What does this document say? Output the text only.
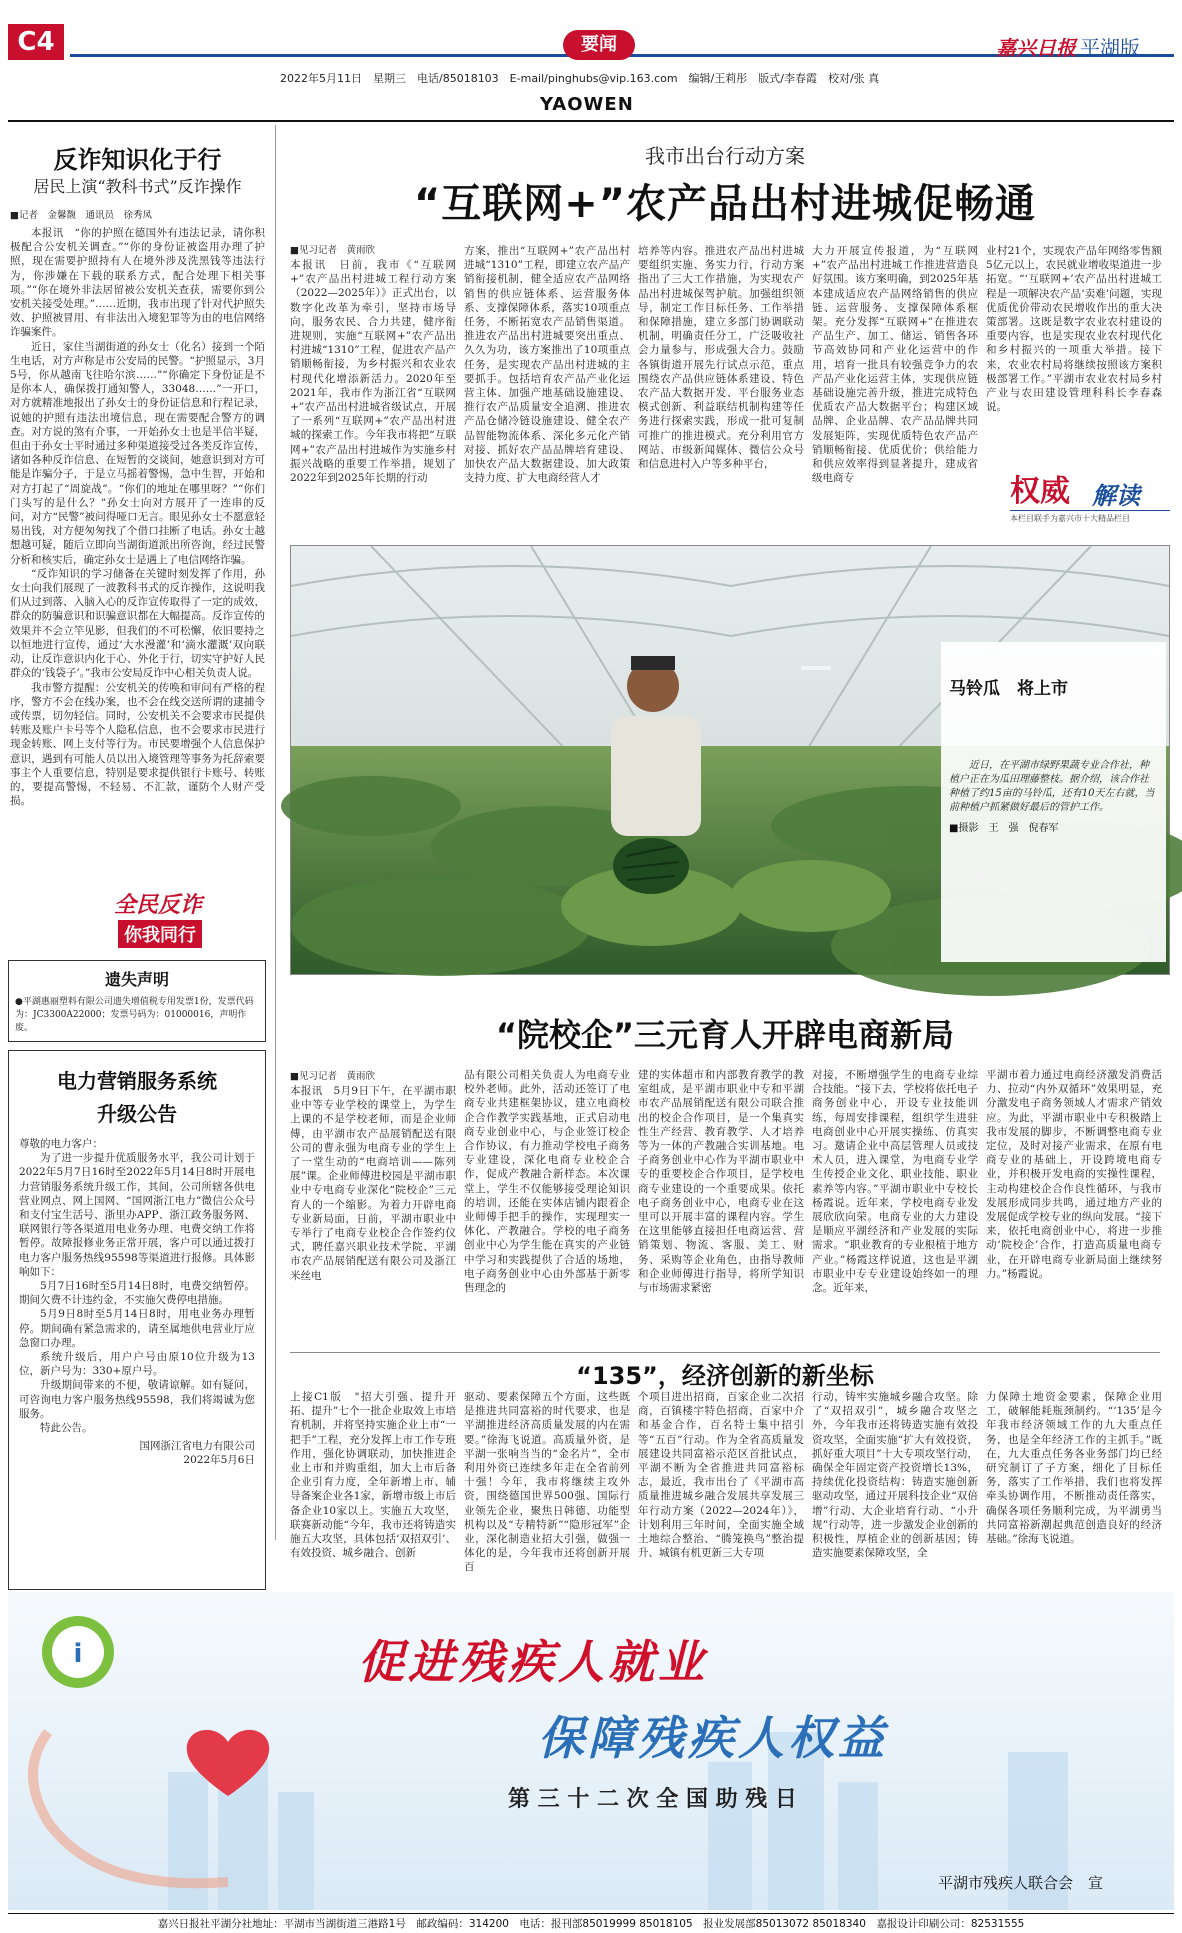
C4	要闻	嘉兴日报 平湖版
2022年5月11日　星期三　电话/85018103　E-mail/pinghubs@vip.163.com　编辑/王莉彤　版式/李春霞　校对/张 真
YAOWEN
反诈知识化于行
居民上演“教科书式”反诈操作
■记者　金馨馥　通讯员　徐秀凤

本报讯　“你的护照在德国外有违法记录，请你积极配合公安机关调查。”“你的身份证被盗用办理了护照，现在需要护照持有人在境外涉及洗黑钱等违法行为，你涉嫌在下载的联系方式，配合处理下相关事项。”“你在境外非法居留被公安机关查获，需要你到公安机关接受处理。”……近期，我市出现了针对代护照失效、护照被冒用、有非法出入境犯罪等为由的电信网络诈骗案件。

近日，家住当湖街道的孙女士（化名）接到一个陌生电话，对方声称是市公安局的民警。“护照显示，3月5号，你从越南飞往哈尔滨……”“你确定下身份证是不是你本人，确保拨打通知警人，33048……”一开口，对方就精准地报出了孙女士的身份证信息和行程记录，说她的护照有违法出境信息，现在需要配合警方的调查。对方说的煞有介事，一开始孙女士也是半信半疑，但由于孙女士平时通过多种渠道接受过各类反诈宣传，诸如各种反诈信息、在短暂的交谈间，她意识到对方可能是诈骗分子，于是立马摇着警惕，急中生智，开始和对方打起了“周旋战”。“你们的地址在哪里呀？”“你们门头写的是什么？”孙女士向对方展开了一连串的反问，对方“民警”被问得哑口无言。眼见孙女士不愿意轻易出钱，对方便匆匆找了个借口挂断了电话。孙女士越想越可疑，随后立即向当湖街道派出所咨询，经过民警分析和核实后，确定孙女士是遇上了电信网络诈骗。

“反诈知识的学习储备在关键时刻发挥了作用，孙女士向我们展现了一波教科书式的反诈操作，这说明我们从过到落、入脑入心的反诈宣传取得了一定的成效，群众的防骗意识和识骗意识都在大幅提高。反诈宣传的效果并不会立竿见影，但我们的不可松懈，依旧要持之以恒地进行宣传，通过‘大水漫灌’和‘滴水灌溉’双向联动，让反诈意识内化于心、外化于行，切实守护好人民群众的‘钱袋子’。”我市公安局反诈中心相关负责人说。

我市警方提醒：公安机关的传唤和审问有严格的程序，警方不会在线办案，也不会在线交送所谓的逮捕令或传票，切勿轻信。同时，公安机关不会要求市民提供转账及账户卡号等个人隐私信息，也不会要求市民进行现金转账、网上支付等行为。市民要增强个人信息保护意识，遇到有可能人员以出入境管理等事务为托辞索要事主个人重要信息，特别是要求提供银行卡账号、转账的，要提高警惕，不轻易、不汇款，谨防个人财产受损。

全民反诈
你我同行
遗失声明
●平湖惠丽塑料有限公司遗失增值税专用发票1份，发票代码为：JC3300A22000；发票号码为：01000016，声明作废。
电力营销服务系统
升级公告
尊敬的电力客户：

为了进一步提升优质服务水平，我公司计划于2022年5月7日16时至2022年5月14日8时开展电力营销服务系统升级工作，其间，公司所辖各供电营业网点、网上国网、“国网浙江电力”微信公众号和支付宝生活号、浙里办APP、浙江政务服务网、联网银行等各渠道用电业务办理、电费交纳工作将暂停。故障报修业务正常开展，客户可以通过拨打电力客户服务热线95598等渠道进行报修。具体影响如下：

5月7日16时至5月14日8时，电费交纳暂停。期间欠费不计违约金，不实施欠费停电措施。

5月9日8时至5月14日8时，用电业务办理暂停。期间确有紧急需求的，请至属地供电营业厅应急窗口办理。

系统升级后，用户户号由原10位升级为13位，新户号为：330+原户号。

升级期间带来的不便，敬请谅解。如有疑问，可咨询电力客户服务热线95598，我们将竭诚为您服务。

特此公告。

国网浙江省电力有限公司
2022年5月6日
我市出台行动方案
“互联网+”农产品出村进城促畅通
■见习记者　黄雨欣
本报讯　日前，我市《“互联网+”农产品出村进城工程行动方案（2022—2025年）》正式出台，以数字化改革为牵引，坚持市场导向，服务农民、合力共建，健序衔进规则，实施“互联网+”农产品出村进城“1310”工程，促进农产品产销顺畅衔接，为乡村振兴和农业农村现代化增添新活力。2020年至2021年，我市作为浙江省“互联网+”农产品出村进城省级试点，开展了一系列“互联网+”农产品出村进城的探索工作。今年我市将把“互联网+”农产品出村进城作为实施乡村振兴战略的重要工作举措，规划了2022年到2025年长期的行动
方案，推出“互联网+”农产品出村进城“1310”工程，即建立农产品产销衔接机制，健全适应农产品网络销售的供应链体系、运营服务体系、支撑保障体系，落实10项重点任务，不断拓宽农产品销售渠道。推进农产品出村进城要突出重点、久久为功，该方案推出了10项重点任务，是实现农产品出村进城的主要抓手。包括培育农产品产业化运营主体、加强产地基础设施建设、推行农产品质量安全追溯、推进农产品仓储冷链设施建设、健全农产品智能物流体系、深化多元化产销对接、抓好农产品品牌培育建设、加快农产品大数据建设、加大政策支持力度、扩大电商经营人才
培养等内容。推进农产品出村进城要组织实施、务实力行，行动方案指出了三大工作措施，为实现农产品出村进城保驾护航。加强组织领导，制定工作目标任务、工作举措和保障措施，建立多部门协调联动机制，明确责任分工，广泛吸收社会力量参与，形成强大合力。鼓励各镇街道开展先行试点示范，重点围绕农产品供应链体系建设、特色农产品大数据开发、平台服务业态模式创新、利益联结机制构建等任务进行探索实践，形成一批可复制可推广的推进模式。充分利用官方网站、市级新闻媒体、微信公众号和信息进村入户等多种平台，
大力开展宣传报道，为“互联网+”农产品出村进城工作推进营造良好氛围。该方案明确，到2025年基本建成适应农产品网络销售的供应链、运营服务、支撑保障体系框架。充分发挥“互联网+”在推进农产品生产、加工、储运、销售各环节高效协同和产业化运营中的作用，培育一批具有较强竞争力的农产品产业化运营主体，实现供应链基础设施完善升级，推进完成特色优质农产品大数据平台；构建区域品牌、企业品牌、农产品品牌共同发展矩阵，实现优质特色农产品产销顺畅衔接、优质优价；供给能力和供应效率得到显著提升，建成省级电商专
业村21个，实现农产品年网络零售额5亿元以上，农民就业增收渠道进一步拓宽。“‘互联网+’农产品出村进城工程是一项解决农产品‘卖难’问题，实现优质优价带动农民增收作出的重大决策部署。这既是数字农业农村建设的重要内容，也是实现农业农村现代化和乡村振兴的一项重大举措。接下来，农业农村局将继续按照该方案积极部署工作。”平湖市农业农村局乡村产业与农田建设管理科科长李春森说。
权威 解读
本栏目联手为嘉兴市十大精品栏目
马铃瓜　将上市
近日，在平湖市绿野果蔬专业合作社，种植户正在为瓜田理藤整枝。据介绍，该合作社种植了约15亩的马铃瓜，还有10天左右就，当前种植户抓紧做好最后的管护工作。
■摄影　王　强　倪春军
“院校企”三元育人开辟电商新局
■见习记者　黄雨欣
本报讯　5月9日下午，在平湖市职业中等专业学校的课堂上，为学生上课的不是学校老师，而是企业师傅，由平湖市农产品展销配送有限公司的曹永强为电商专业的学生上了一堂生动的“电商培训——陈列展”课。企业师傅进校园是平湖市职业中专电商专业深化“院校企”三元育人的一个缩影。为着力开辟电商专业新局面，日前，平湖市职业中专举行了电商专业校企合作签约仪式，聘任嘉兴职业技术学院、平湖市农产品展销配送有限公司及浙江米丝电
品有限公司相关负责人为电商专业校外老师。此外，活动还签订了电商专业共建框架协议，建立电商校企合作教学实践基地，正式启动电商专业创业中心，与企业签订校企合作协议，有力推动学校电子商务专业建设，深化电商专业校企合作，促成产教融合新样态。本次课堂上，学生不仅能够接受理论知识的培训，还能在实体店铺内跟着企业师傅手把手的操作，实现理实一体化、产教融合。学校的电子商务创业中心为学生能在真实的产业链中学习和实践提供了合适的场地，电子商务创业中心由外部基于新零售理念的
建的实体超市和内部教育教学的教室组成，是平湖市职业中专和平湖市农产品展销配送有限公司联合推出的校企合作项目，是一个集真实性生产经营、教育教学、人才培养等为一体的产教融合实训基地。电子商务创业中心作为平湖市职业中专的重要校企合作项目，是学校电商专业建设的一个重要成果。依托电子商务创业中心，电商专业在这里可以开展丰富的课程内容。学生在这里能够直接担任电商运营、营销策划、物流、客服、美工、财务、采购等企业角色，由指导教师和企业师傅进行指导，将所学知识与市场需求紧密
对接，不断增强学生的电商专业综合技能。“接下去，学校将依托电子商务创业中心，开设专业技能训练，每周安排课程，组织学生进驻电商创业中心开展实操练、仿真实习。邀请企业中高层管理人员或技术人员，进入课堂，为电商专业学生传授企业文化、职业技能、职业素养等内容。”平湖市职业中专校长杨霞说。近年来，学校电商专业发展欣欣向荣。电商专业的大力建设是顺应平湖经济和产业发展的实际需求。“职业教育的专业根植于地方产业。”杨霞这样说道，这也是平湖市职业中专专业建设始终如一的理念。近年来，
平湖市着力通过电商经济激发消费活力、拉动“内外双循环”效果明显，充分激发电子商务领域人才需求产销效应。为此，平湖市职业中专积极踏上我市发展的脚步，不断调整电商专业定位，及时对接产业需求，在原有电商专业的基础上，开设跨境电商专业，并积极开发电商的实操性课程，主动构建校企合作良性循环，与我市发展形成同步共鸣，通过地方产业的发展促成学校专业的纵向发展。“接下来，依托电商创业中心，将进一步推动‘院校企’合作，打造高质量电商专业，在开辟电商专业新局面上继续努力。”杨霞说。
“135”，经济创新的新坐标
上接C1版　"招大引强、提升开拓、提升”七个一批企业取效上市培育机制，并将坚持实施企业上市“一把手”工程，充分发挥上市工作专班作用，强化协调联动，加快推进企业上市和并购重组，加大上市后备企业引育力度，全年新增上市、辅导备案企业各1家，新增市级上市后备企业10家以上。实施五大攻坚，联赛新动能“今年，我市还将铸造实施五大攻坚，具体包括‘双招双引’、有效投资、城乡融合、创新
驱动、要素保障五个方面，这些既是推进共同富裕的时代要求，也是平湖推进经济高质量发展的内在需要。”徐海飞说道。高质量外资，是平湖一张响当当的“金名片”，全市利用外资已连续多年走在全省前列十强！今年，我市将继续主攻外资，围绕德国世界500强、国际行业领先企业，聚焦日韩德、功能型机构以及“专精特新”“隐形冠军”企业，深化制造业招大引强，做强一体化的是，今年我市还将创新开展百
个项目进出招商，百家企业二次招商，百镇楼宇特色招商，百家中介和基金合作，百名特士集中招引等“五百”行动。作为全省高质量发展建设共同富裕示范区首批试点，平湖不断为全省推进共同富裕标志，最近，我市出台了《平湖市高质量推进城乡融合发展共享发展三年行动方案（2022—2024年）》，计划利用三年时间，全面实施全域土地综合整治、“腾笼换鸟”整治提升、城镇有机更新三大专项
行动，铸牢实施城乡融合攻坚。除了“双招双引”，城乡融合攻坚之外，今年我市还将铸造实施有效投资攻坚，全面实施“扩大有效投资，抓好重大项目”十大专项攻坚行动，确保全年固定资产投资增长13%，持续优化投资结构：铸造实施创新驱动攻坚，通过开展科技企业“双倍增”行动、大企业培育行动、“小升规”行动等，进一步激发企业创新的积极性，厚植企业的创新基因；铸造实施要素保障攻坚，全
力保障土地资金要素，保障企业用工，破解能耗瓶颈制约。“‘135’是今年我市经济领域工作的九大重点任务，也是全年经济工作的主抓手。”既在，九大重点任务各业务部门均已经研究制订了子方案，细化了目标任务，落实了工作举措，我们也将发挥牵头协调作用，不断推动责任落实，确保各项任务顺利完成，为平湖勇当共同富裕新潮起典范创造良好的经济基础。”徐海飞说道。
i	促进残疾人就业
保障残疾人权益
第 三 十 二 次 全 国 助 残 日
平湖市残疾人联合会　宣
嘉兴日报社平湖分社地址：平湖市当湖街道三港路1号　邮政编码：314200　电话：报刊部85019999 85018105　报业发展部85013072 85018340　嘉报设计印刷公司：82531555
